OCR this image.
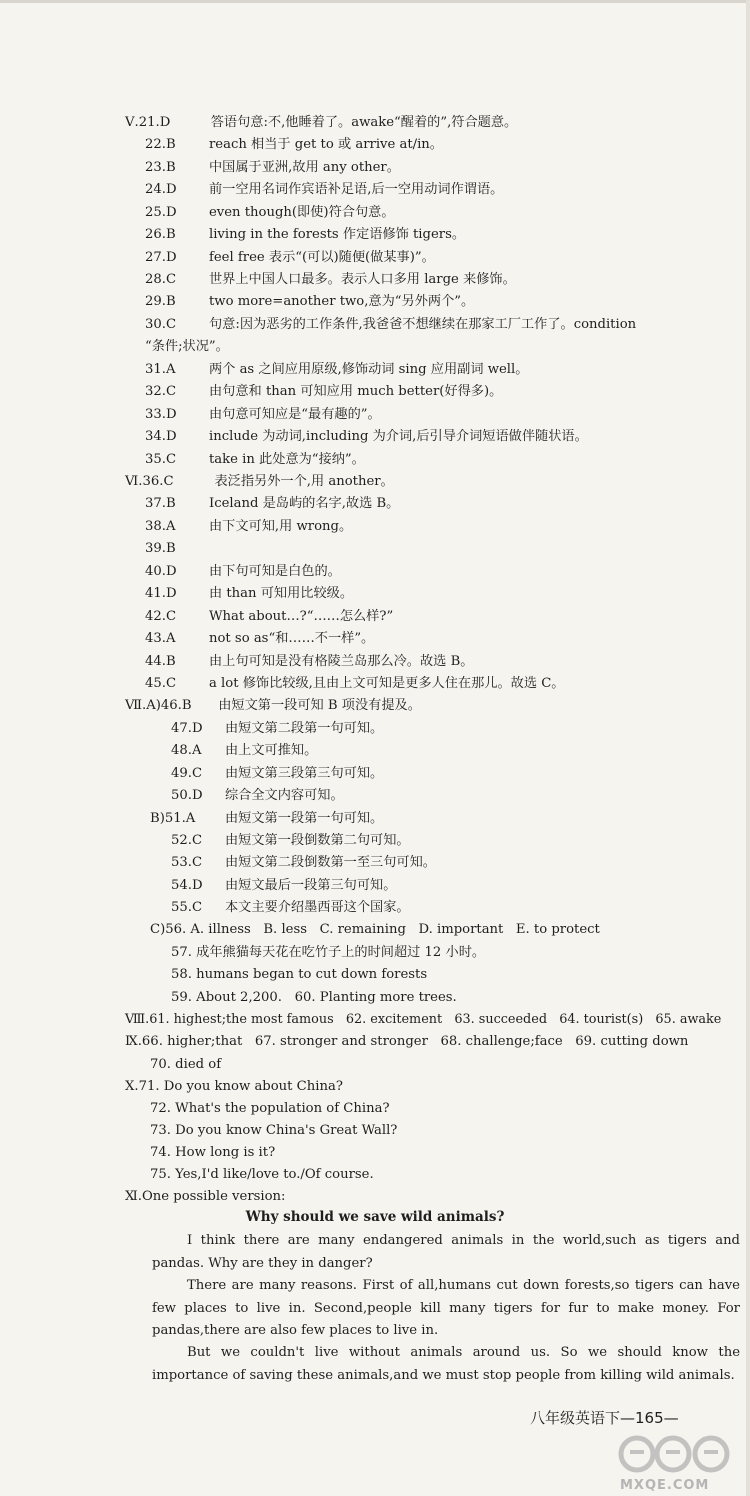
Ⅴ.21.D	答语句意:不,他睡着了。awake“醒着的”,符合题意。
22.B	reach 相当于 get to 或 arrive at/in。
23.B	中国属于亚洲,故用 any other。
24.D 前一空用名词作宾语补足语,后一空用动词作谓语。
25.D even though(即使)符合句意。
26.B	living in the forests 作定语修饰 tigers。
27.D feel free 表示“(可以)随便(做某事)”。
28.C 世界上中国人口最多。表示人口多用 large 来修饰。
29.B	two more=another two,意为“另外两个”。
30.C 句意:因为恶劣的工作条件,我爸爸不想继续在那家工厂工作了。condition
“条件;状况”。
31.A	两个 as 之间应用原级,修饰动词 sing 应用副词 well。
32.C 由句意和 than 可知应用 much better(好得多)。
33.D 由句意可知应是“最有趣的”。
34.D include 为动词,including 为介词,后引导介词短语做伴随状语。
35.C take in 此处意为“接纳”。
Ⅵ.36.C	表泛指另外一个,用 another。
37.B	Iceland 是岛屿的名字,故选 B。
38.A	由下文可知,用 wrong。
39.B
40.D 由下句可知是白色的。
41.D 由 than 可知用比较级。
42.C What about…?“……怎么样?”
43.A	not so as“和……不一样”。
44.B	由上句可知是没有格陵兰岛那么冷。故选 B。
45.C a lot 修饰比较级,且由上文可知是更多人住在那儿。故选 C。
Ⅶ.A)46.B 由短文第一段可知 B 项没有提及。
47.D 由短文第二段第一句可知。
48.A 由上文可推知。
49.C 由短文第三段第三句可知。
50.D 综合全文内容可知。
B)51.A 由短文第一段第一句可知。
52.C 由短文第一段倒数第二句可知。
53.C 由短文第二段倒数第一至三句可知。
54.D 由短文最后一段第三句可知。
55.C 本文主要介绍墨西哥这个国家。
C)56. A. illness   B. less   C. remaining   D. important   E. to protect
57. 成年熊猫每天花在吃竹子上的时间超过 12 小时。
58. humans began to cut down forests
59. About 2,200.   60. Planting more trees.
Ⅷ.61. highest;the most famous   62. excitement   63. succeeded   64. tourist(s)   65. awake
Ⅸ.66. higher;that   67. stronger and stronger   68. challenge;face   69. cutting down
70. died of
Ⅹ.71. Do you know about China?
72. What's the population of China?
73. Do you know China's Great Wall?
74. How long is it?
75. Yes,I'd like/love to./Of course.
Ⅺ.One possible version:
Why should we save wild animals?
I think there are many endangered animals in the world,such as tigers and pandas. Why are they in danger?
There are many reasons. First of all,humans cut down forests,so tigers can have few places to live in. Second,people kill many tigers for fur to make money. For pandas,there are also few places to live in.
But we couldn't live without animals around us. So we should know the importance of saving these animals,and we must stop people from killing wild animals.
八年级英语下—165—
MXQE.COM
